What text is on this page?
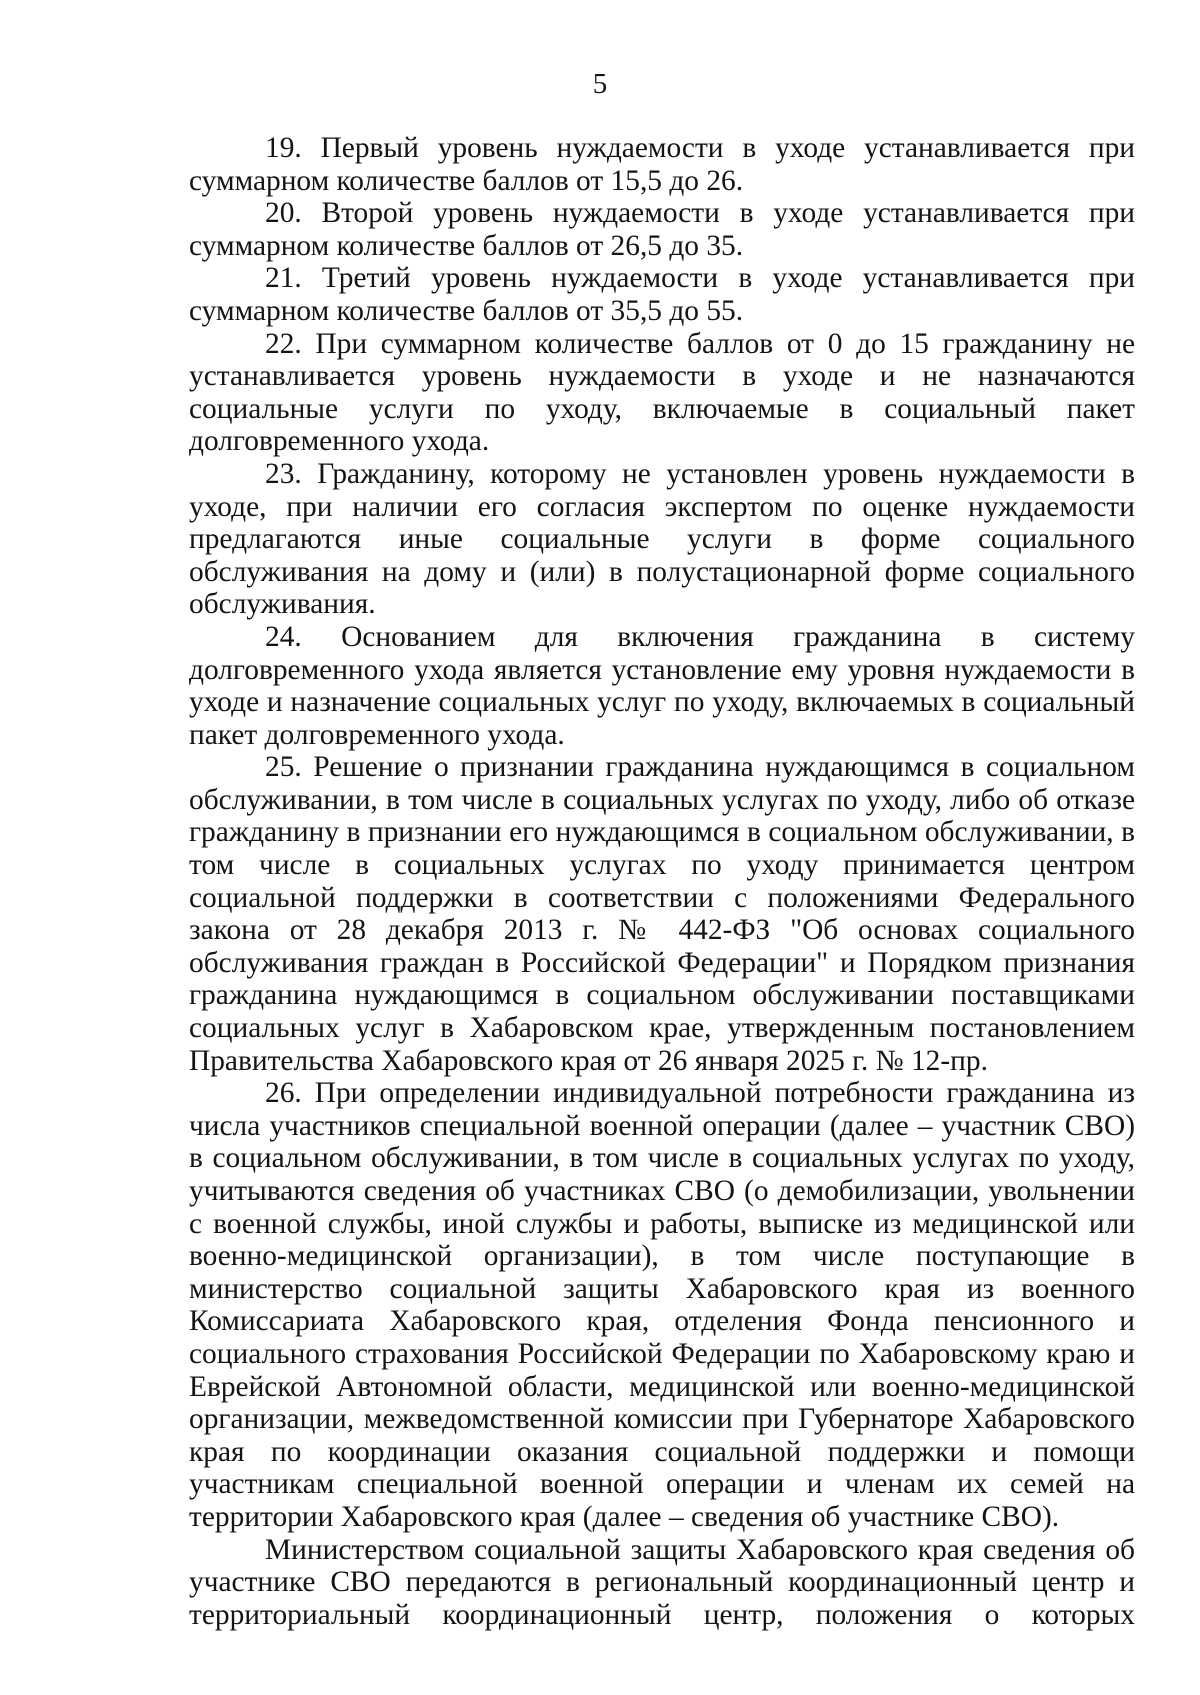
5

19. Первый уровень нуждаемости в уходе устанавливается при суммарном количестве баллов от 15,5 до 26.

20. Второй уровень нуждаемости в уходе устанавливается при суммарном количестве баллов от 26,5 до 35.

21. Третий уровень нуждаемости в уходе устанавливается при суммарном количестве баллов от 35,5 до 55.

22. При суммарном количестве баллов от 0 до 15 гражданину не устанавливается уровень нуждаемости в уходе и не назначаются социальные услуги по уходу, включаемые в социальный пакет долговременного ухода.

23. Гражданину, которому не установлен уровень нуждаемости в уходе, при наличии его согласия экспертом по оценке нуждаемости предлагаются иные социальные услуги в форме социального обслуживания на дому и (или) в полустационарной форме социального обслуживания.

24. Основанием для включения гражданина в систему долговременного ухода является установление ему уровня нуждаемости в уходе и назначение социальных услуг по уходу, включаемых в социальный пакет долговременного ухода.

25. Решение о признании гражданина нуждающимся в социальном обслуживании, в том числе в социальных услугах по уходу, либо об отказе гражданину в признании его нуждающимся в социальном обслуживании, в том числе в социальных услугах по уходу принимается центром социальной поддержки в соответствии с положениями Федерального закона от 28 декабря 2013 г. № 442-ФЗ "Об основах социального обслуживания граждан в Российской Федерации" и Порядком признания гражданина нуждающимся в социальном обслуживании поставщиками социальных услуг в Хабаровском крае, утвержденным постановлением Правительства Хабаровского края от 26 января 2025 г. № 12-пр.

26. При определении индивидуальной потребности гражданина из числа участников специальной военной операции (далее – участник СВО) в социальном обслуживании, в том числе в социальных услугах по уходу, учитываются сведения об участниках СВО (о демобилизации, увольнении с военной службы, иной службы и работы, выписке из медицинской или военно-медицинской организации), в том числе поступающие в министерство социальной защиты Хабаровского края из военного Комиссариата Хабаровского края, отделения Фонда пенсионного и социального страхования Российской Федерации по Хабаровскому краю и Еврейской Автономной области, медицинской или военно-медицинской организации, межведомственной комиссии при Губернаторе Хабаровского края по координации оказания социальной поддержки и помощи участникам специальной военной операции и членам их семей на территории Хабаровского края (далее – сведения об участнике СВО).

Министерством социальной защиты Хабаровского края сведения об участнике СВО передаются в региональный координационный центр и территориальный координационный центр, положения о которых
